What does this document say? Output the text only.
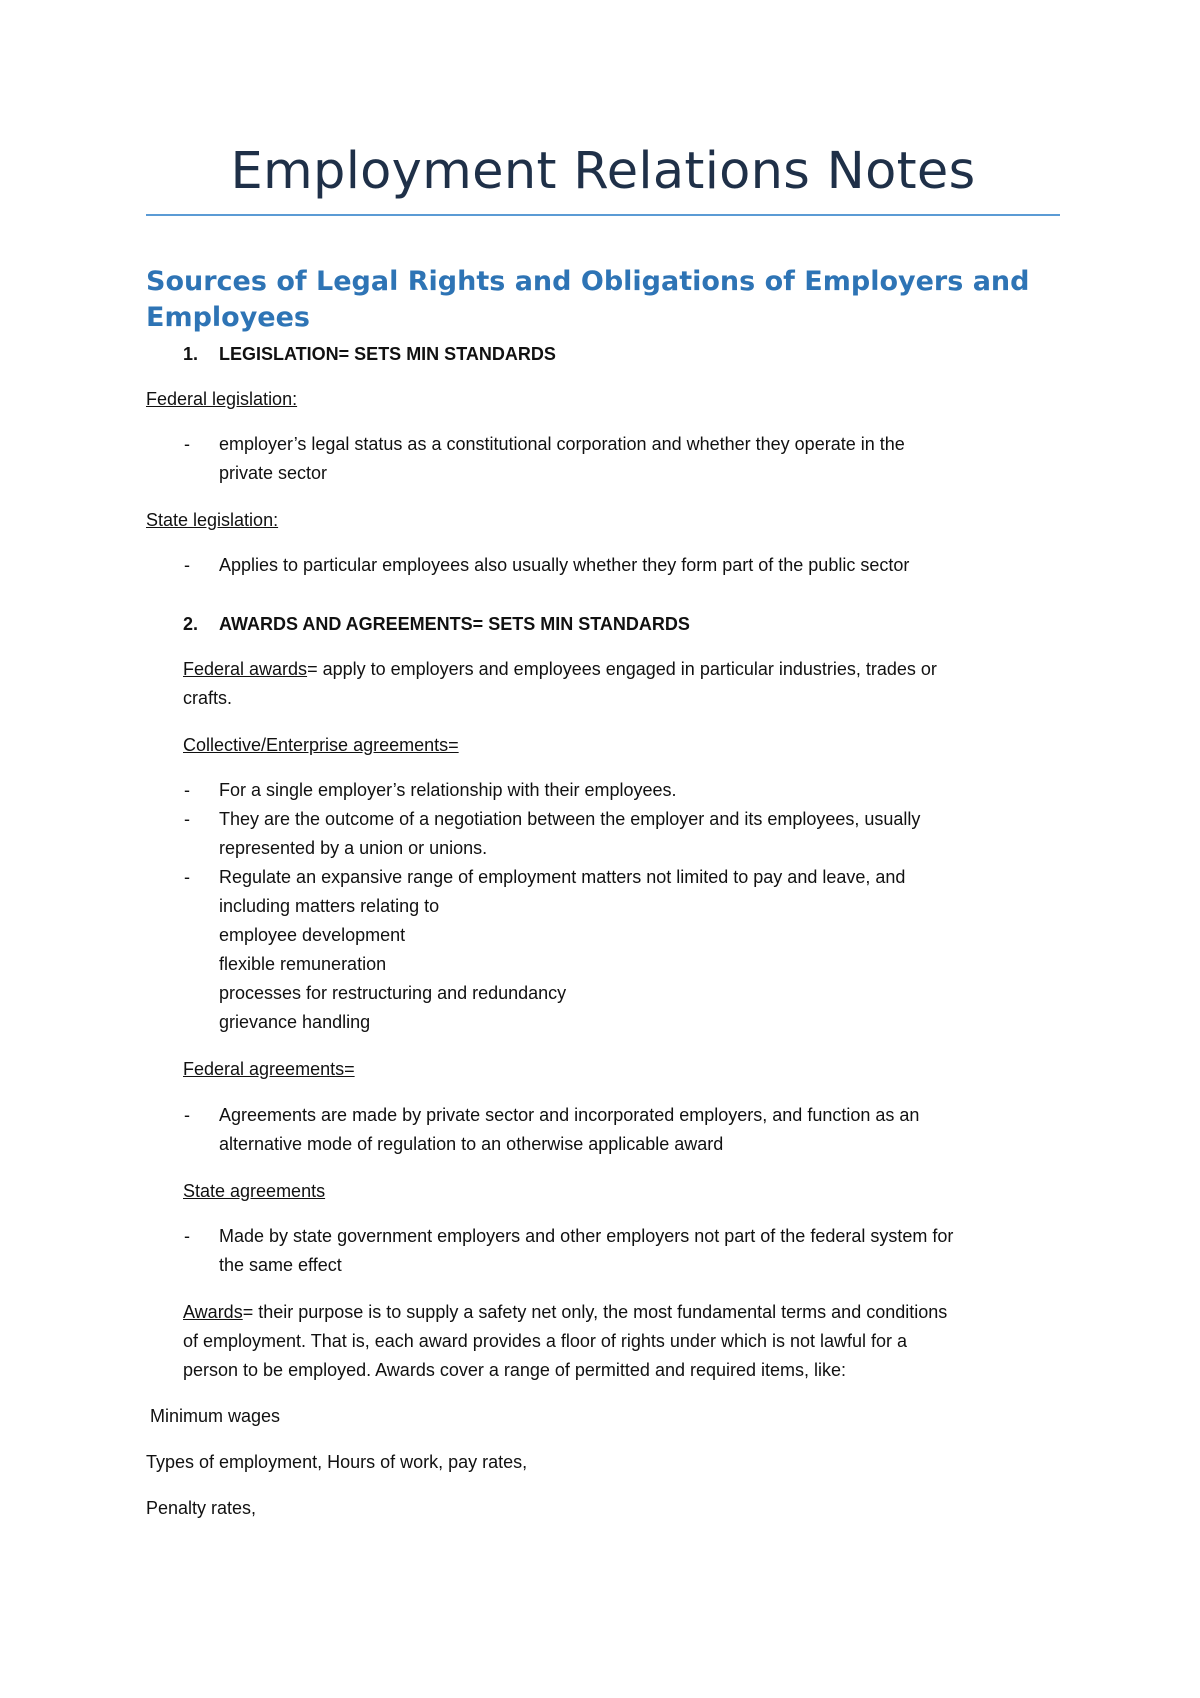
Employment Relations Notes
Sources of Legal Rights and Obligations of Employers and Employees

1. LEGISLATION= SETS MIN STANDARDS

Federal legislation:

- employer’s legal status as a constitutional corporation and whether they operate in the

private sector

State legislation:

- Applies to particular employees also usually whether they form part of the public sector

2. AWARDS AND AGREEMENTS= SETS MIN STANDARDS

Federal awards= apply to employers and employees engaged in particular industries, trades or

crafts.

Collective/Enterprise agreements=

- For a single employer’s relationship with their employees.

- They are the outcome of a negotiation between the employer and its employees, usually

represented by a union or unions.

- Regulate an expansive range of employment matters not limited to pay and leave, and

including matters relating to

employee development

flexible remuneration

processes for restructuring and redundancy

grievance handling

Federal agreements=

- Agreements are made by private sector and incorporated employers, and function as an

alternative mode of regulation to an otherwise applicable award

State agreements

- Made by state government employers and other employers not part of the federal system for

the same effect

Awards= their purpose is to supply a safety net only, the most fundamental terms and conditions

of employment. That is, each award provides a floor of rights under which is not lawful for a

person to be employed. Awards cover a range of permitted and required items, like:

Minimum wages

Types of employment, Hours of work, pay rates,

Penalty rates,
